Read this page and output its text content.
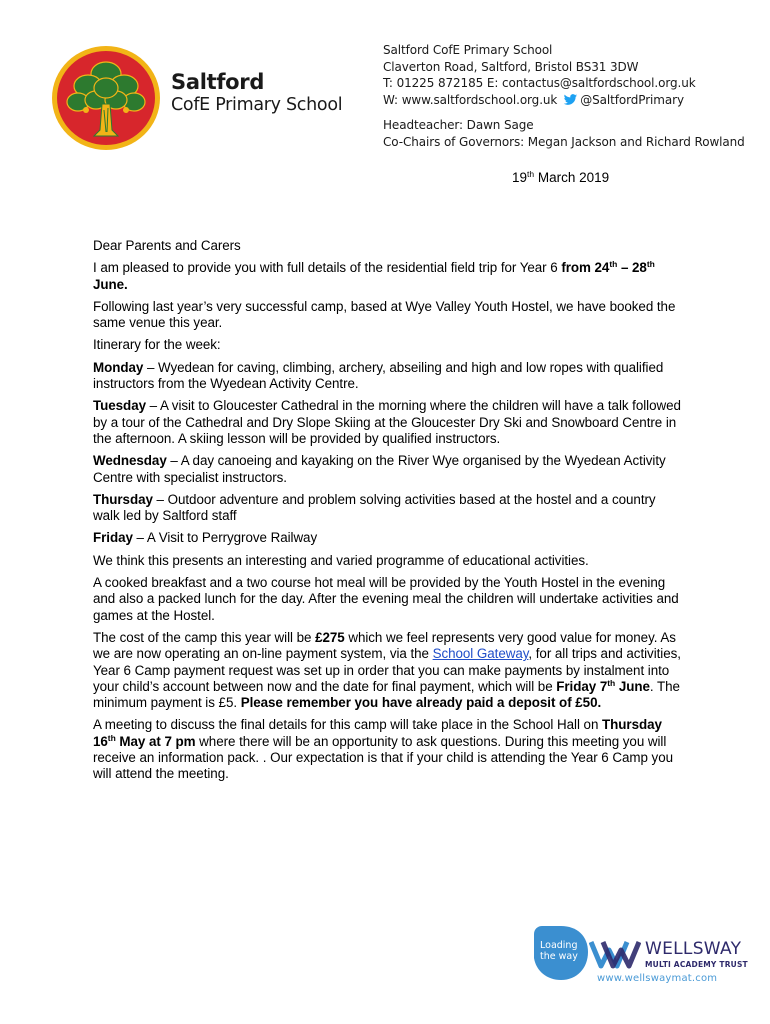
Saltford
CofE Primary School
Saltford CofE Primary School
Claverton Road, Saltford, Bristol BS31 3DW
T: 01225 872185 E: contactus@saltfordschool.org.uk
W: www.saltfordschool.org.uk @SaltfordPrimary
Headteacher: Dawn Sage
Co-Chairs of Governors: Megan Jackson and Richard Rowland
19th March 2019

Dear Parents and Carers

I am pleased to provide you with full details of the residential field trip for Year 6 from 24th – 28th June.

Following last year’s very successful camp, based at Wye Valley Youth Hostel, we have booked the same venue this year.

Itinerary for the week:

Monday – Wyedean for caving, climbing, archery, abseiling and high and low ropes with qualified instructors from the Wyedean Activity Centre.

Tuesday – A visit to Gloucester Cathedral in the morning where the children will have a talk followed by a tour of the Cathedral and Dry Slope Skiing at the Gloucester Dry Ski and Snowboard Centre in the afternoon. A skiing lesson will be provided by qualified instructors.

Wednesday – A day canoeing and kayaking on the River Wye organised by the Wyedean Activity Centre with specialist instructors.

Thursday – Outdoor adventure and problem solving activities based at the hostel and a country walk led by Saltford staff

Friday – A Visit to Perrygrove Railway

We think this presents an interesting and varied programme of educational activities.

A cooked breakfast and a two course hot meal will be provided by the Youth Hostel in the evening and also a packed lunch for the day. After the evening meal the children will undertake activities and games at the Hostel.

The cost of the camp this year will be £275 which we feel represents very good value for money. As we are now operating an on-line payment system, via the School Gateway, for all trips and activities, Year 6 Camp payment request was set up in order that you can make payments by instalment into your child’s account between now and the date for final payment, which will be Friday 7th June. The minimum payment is £5. Please remember you have already paid a deposit of £50.

A meeting to discuss the final details for this camp will take place in the School Hall on Thursday 16th May at 7 pm where there will be an opportunity to ask questions. During this meeting you will receive an information pack. . Our expectation is that if your child is attending the Year 6 Camp you will attend the meeting.

Loading
the way	WELLSWAY
MULTI ACADEMY TRUST
www.wellswaymat.com
